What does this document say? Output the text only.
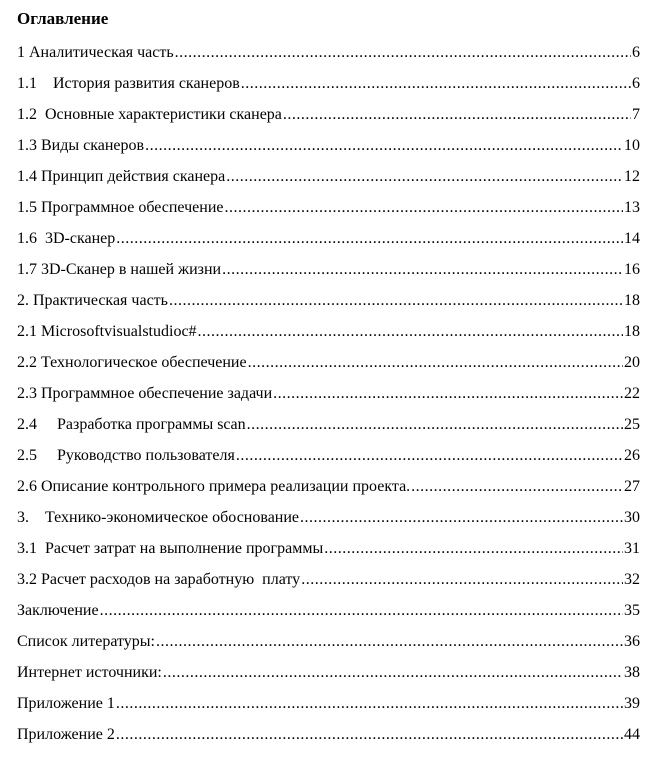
Оглавление
1 Аналитическая часть .....	6
1.1    История развития сканеров .....	6
1.2  Основные характеристики сканера .....	7
1.3 Виды сканеров .....	10
1.4 Принцип действия сканера .....	12
1.5 Программное обеспечение .....	13
1.6  3D-сканер .....	14
1.7 3D-Сканер в нашей жизни .....	16
2. Практическая часть .....	18
2.1 Microsoftvisualstudioc# .....	18
2.2 Технологическое обеспечение .....	20
2.3 Программное обеспечение задачи .....	22
2.4     Разработка программы scan .....	25
2.5     Руководство пользователя .....	26
2.6 Описание контрольного примера реализации проекта. .....	27
3.    Технико-экономическое обоснование .....	30
3.1  Расчет затрат на выполнение программы .....	31
3.2 Расчет расходов на заработную  плату .....	32
Заключение .....	35
Список литературы: .....	36
Интернет источники: .....	38
Приложение 1 .....	39
Приложение 2 .....	44
